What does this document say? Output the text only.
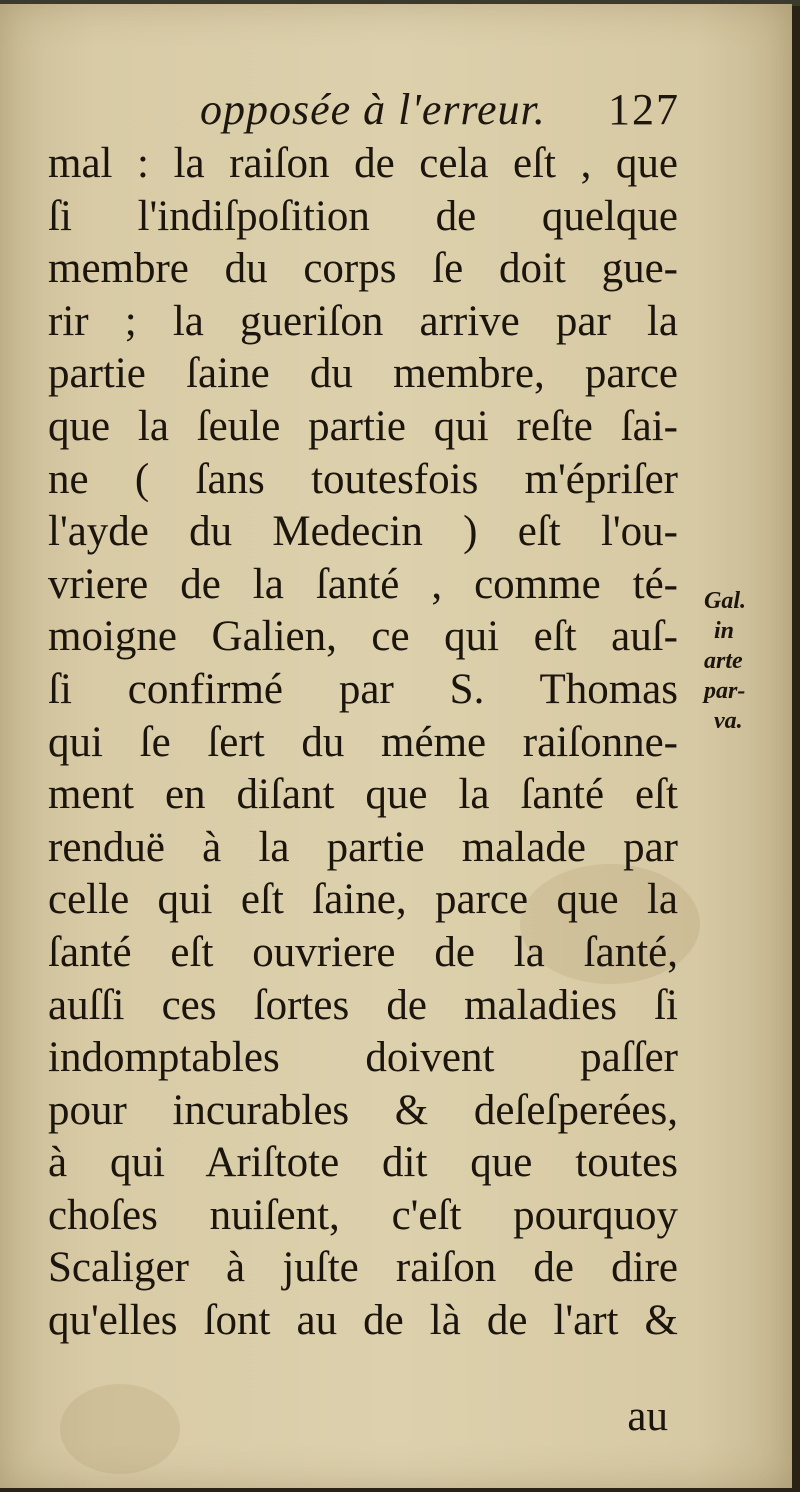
opposée à l'erreur. 127
mal : la raiſon de cela eſt , que
ſi l'indiſpoſition de quelque
membre du corps ſe doit gue-
rir ; la gueriſon arrive par la
partie ſaine du membre, parce
que la ſeule partie qui reſte ſai-
ne ( ſans toutesfois m'épriſer
l'ayde du Medecin ) eſt l'ou-
vriere de la ſanté , comme té-
moigne Galien, ce qui eſt auſ-
ſi confirmé par S. Thomas
qui ſe ſert du méme raiſonne-
ment en diſant que la ſanté eſt
renduë à la partie malade par
celle qui eſt ſaine, parce que la
ſanté eſt ouvriere de la ſanté,
auſſi ces ſortes de maladies ſi
indomptables doivent paſſer
pour incurables & deſeſperées,
à qui Ariſtote dit que toutes
choſes nuiſent, c'eſt pourquoy
Scaliger à juſte raiſon de dire
qu'elles ſont au de là de l'art &
Gal.
in
arte
par-
va.
au
